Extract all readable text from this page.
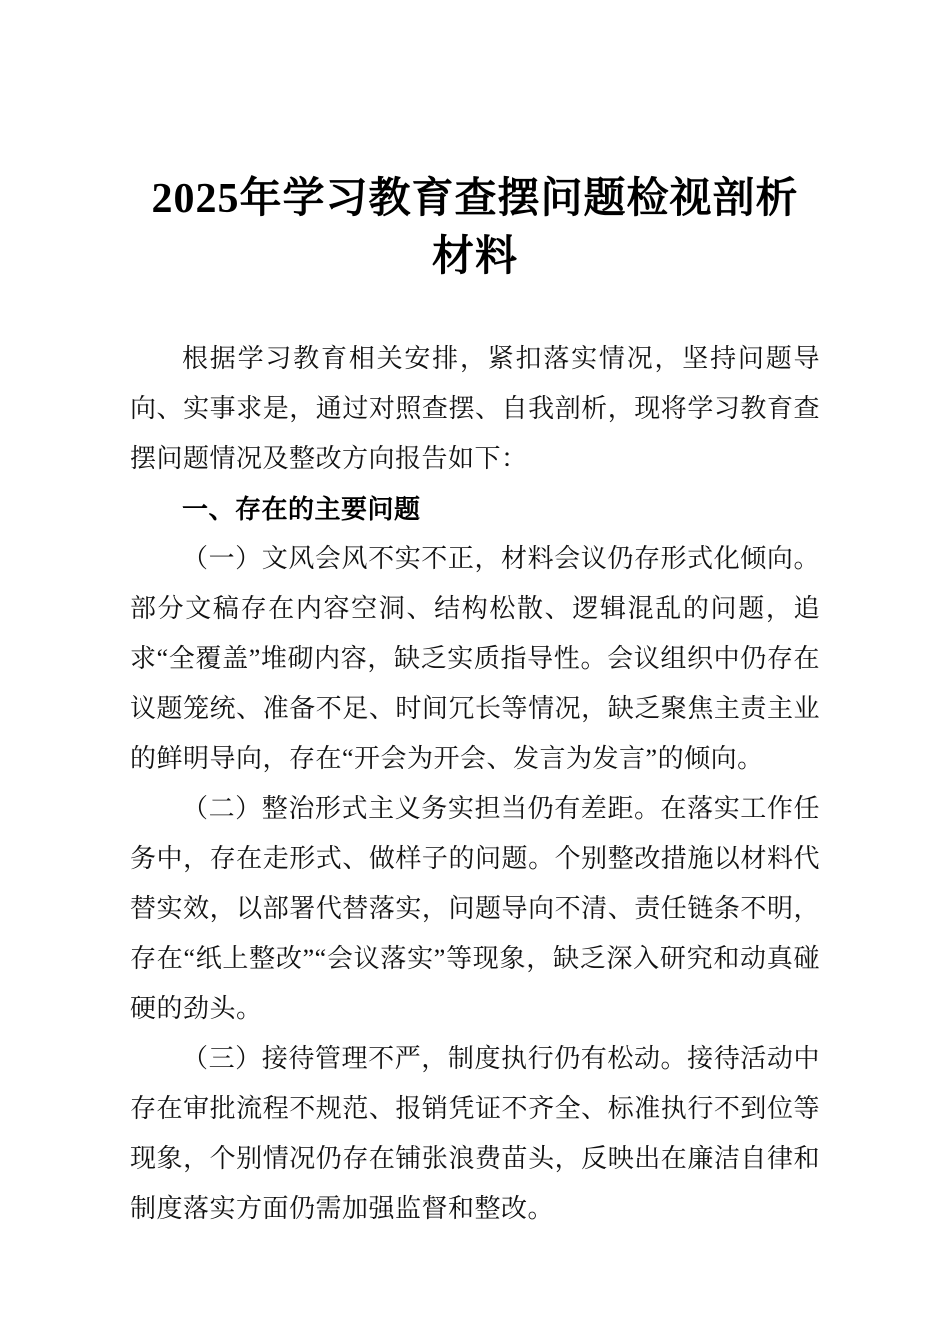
2025年学习教育查摆问题检视剖析
材料

根据学习教育相关安排，紧扣落实情况，坚持问题导向、实事求是，通过对照查摆、自我剖析，现将学习教育查摆问题情况及整改方向报告如下：

一、存在的主要问题

（一）文风会风不实不正，材料会议仍存形式化倾向。部分文稿存在内容空洞、结构松散、逻辑混乱的问题，追求“全覆盖”堆砌内容，缺乏实质指导性。会议组织中仍存在议题笼统、准备不足、时间冗长等情况，缺乏聚焦主责主业的鲜明导向，存在“开会为开会、发言为发言”的倾向。

（二）整治形式主义务实担当仍有差距。在落实工作任务中，存在走形式、做样子的问题。个别整改措施以材料代替实效，以部署代替落实，问题导向不清、责任链条不明，存在“纸上整改”“会议落实”等现象，缺乏深入研究和动真碰硬的劲头。

（三）接待管理不严，制度执行仍有松动。接待活动中存在审批流程不规范、报销凭证不齐全、标准执行不到位等现象，个别情况仍存在铺张浪费苗头，反映出在廉洁自律和制度落实方面仍需加强监督和整改。
